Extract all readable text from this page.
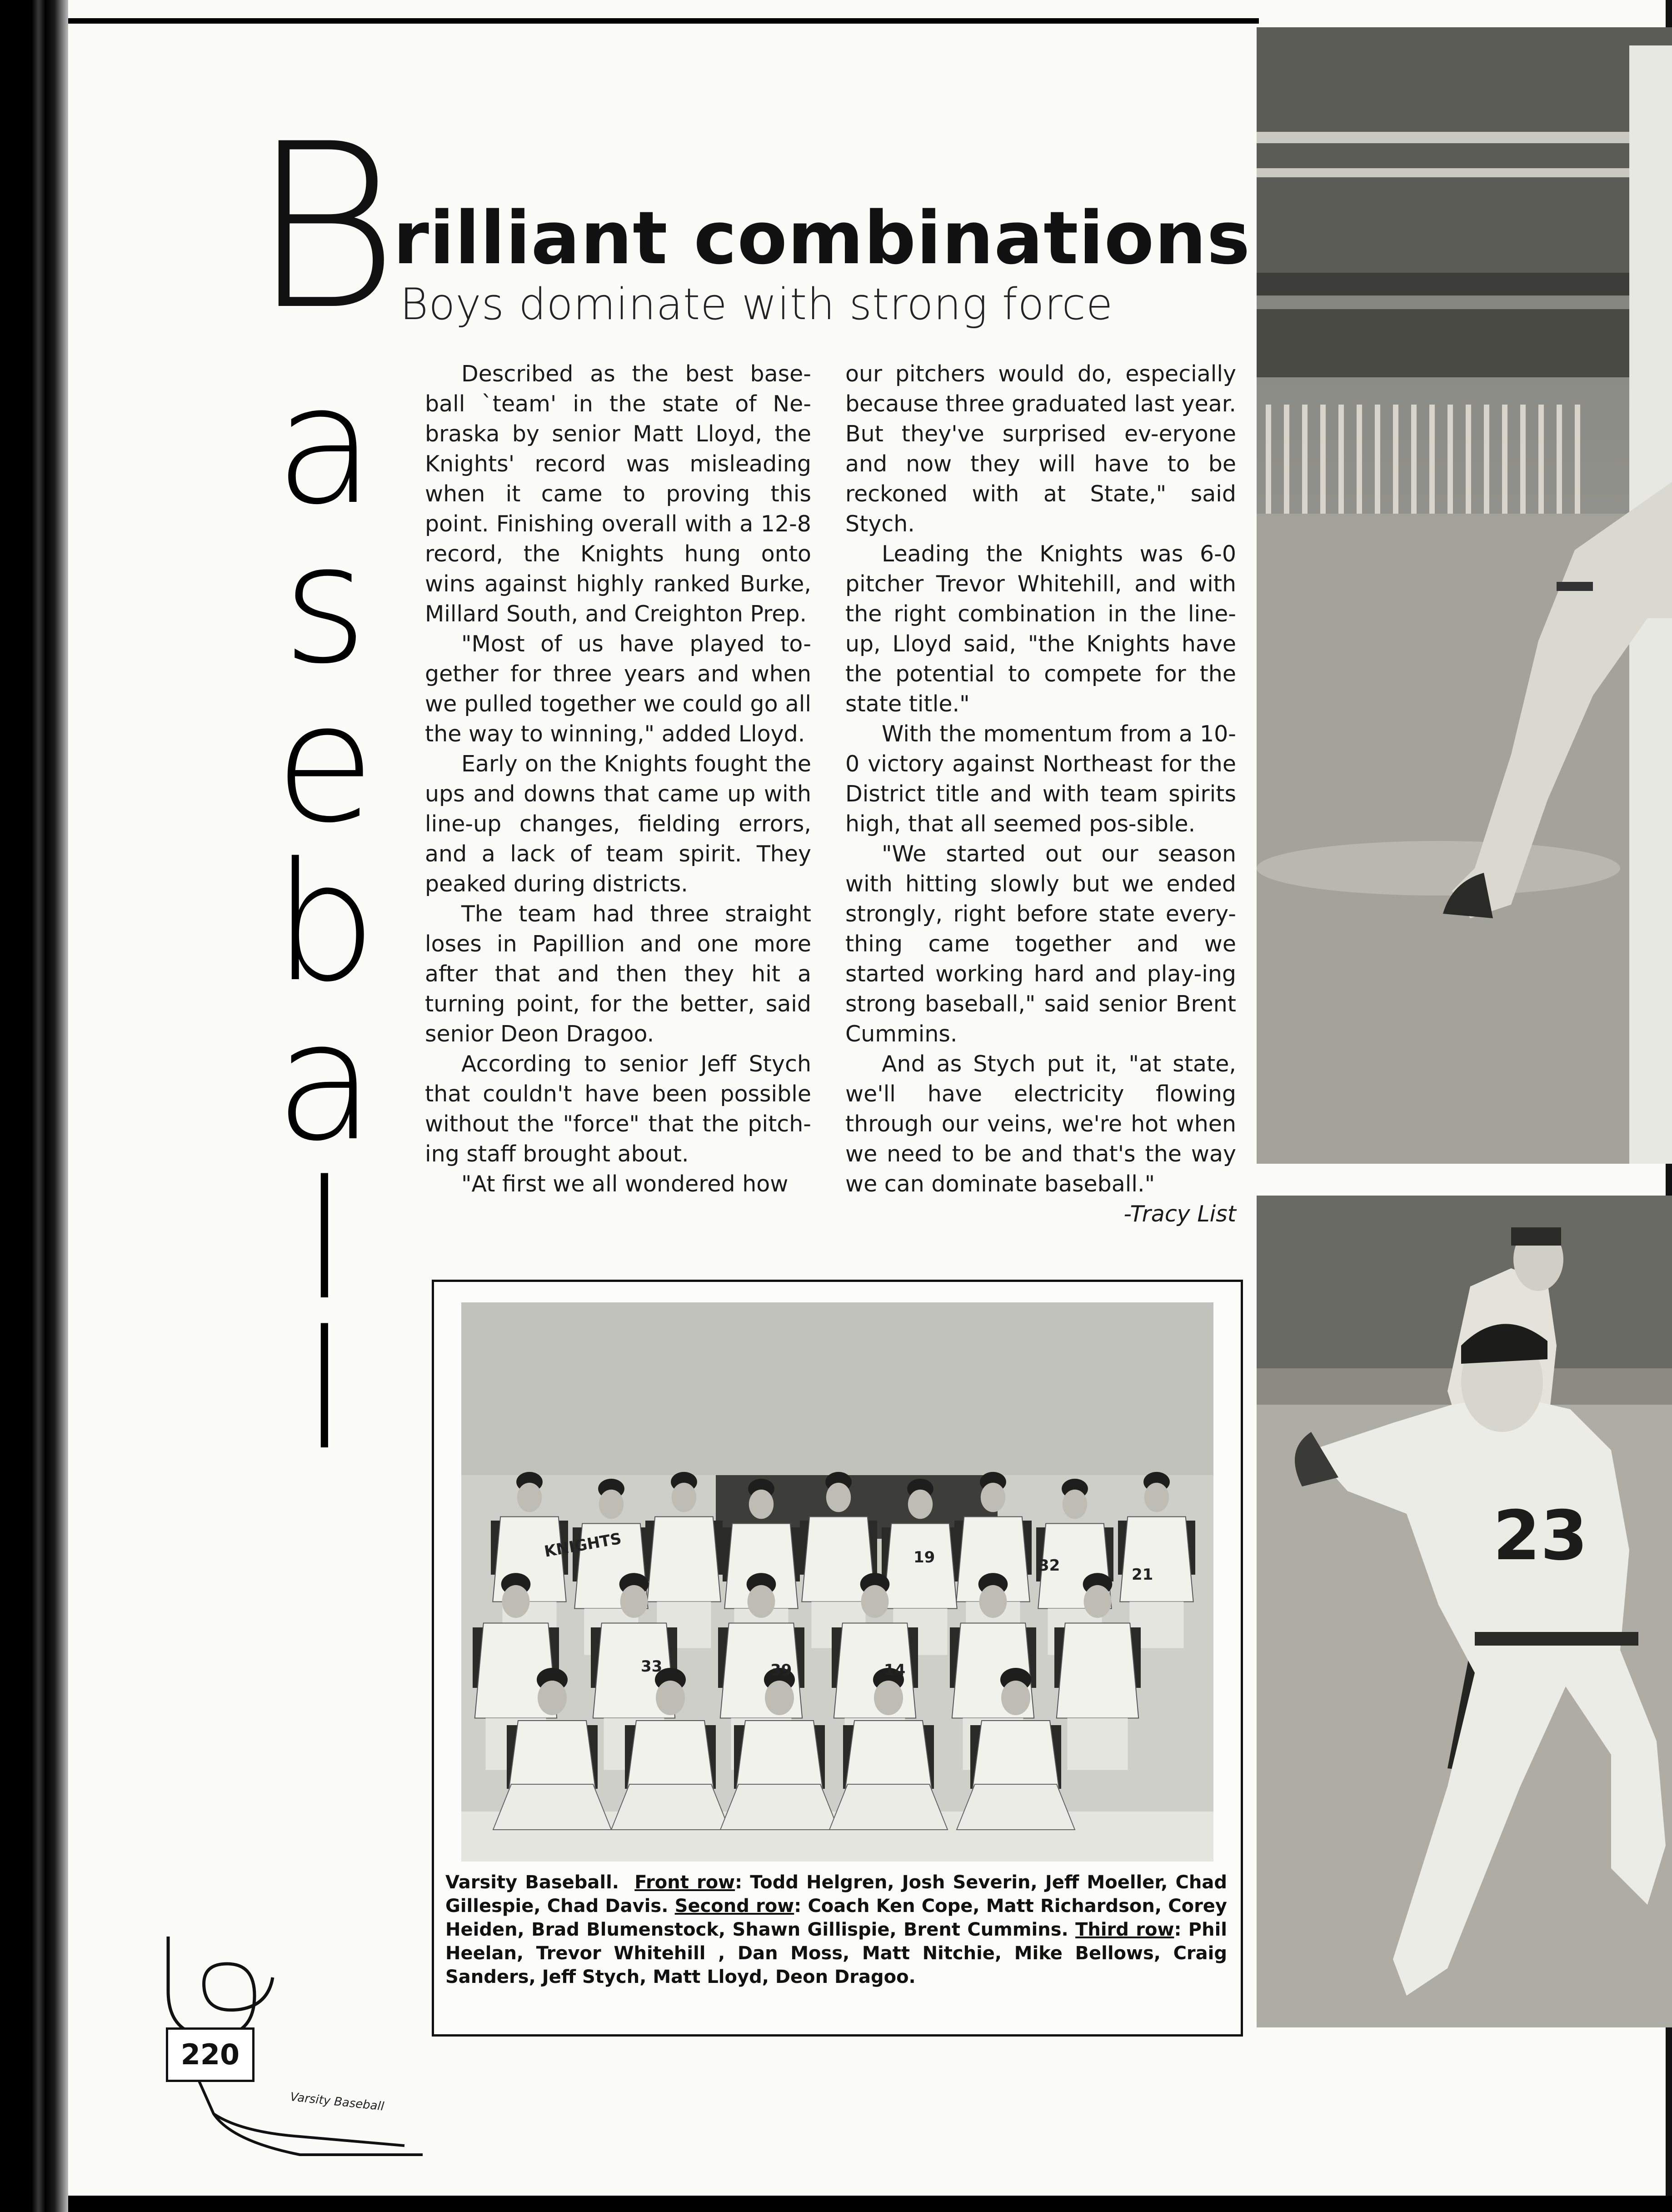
B
a
s
e
b
a
l
l
rilliant combinations
Boys dominate with strong force

Described as the best base-ball `team' in the state of Ne-braska by senior Matt Lloyd, the Knights' record was misleading when it came to proving this point. Finishing overall with a 12-8 record, the Knights hung onto wins against highly ranked Burke, Millard South, and Creighton Prep.

"Most of us have played to-gether for three years and when we pulled together we could go all the way to winning," added Lloyd.

Early on the Knights fought the ups and downs that came up with line-up changes, fielding errors, and a lack of team spirit. They peaked during districts.

The team had three straight loses in Papillion and one more after that and then they hit a turning point, for the better, said senior Deon Dragoo.

According to senior Jeff Stych that couldn't have been possible without the "force" that the pitch-ing staff brought about.

"At first we all wondered how

our pitchers would do, especially because three graduated last year. But they've surprised ev-eryone and now they will have to be reckoned with at State," said Stych.

Leading the Knights was 6-0 pitcher Trevor Whitehill, and with the right combination in the line-up, Lloyd said, "the Knights have the potential to compete for the state title."

With the momentum from a 10-0 victory against Northeast for the District title and with team spirits high, that all seemed pos-sible.

"We started out our season with hitting slowly but we ended strongly, right before state every-thing came together and we started working hard and play-ing strong baseball," said senior Brent Cummins.

And as Stych put it, "at state, we'll have electricity flowing through our veins, we're hot when we need to be and that's the way we can dominate baseball."

-Tracy List

23
KNIGHTS	19	32	21
39	14
33
Varsity Baseball. Front row: Todd Helgren, Josh Severin, Jeff Moeller, Chad Gillespie, Chad Davis. Second row: Coach Ken Cope, Matt Richardson, Corey Heiden, Brad Blumenstock, Shawn Gillispie, Brent Cummins. Third row: Phil Heelan, Trevor Whitehill , Dan Moss, Matt Nitchie, Mike Bellows, Craig Sanders, Jeff Stych, Matt Lloyd, Deon Dragoo.
220
Varsity Baseball
